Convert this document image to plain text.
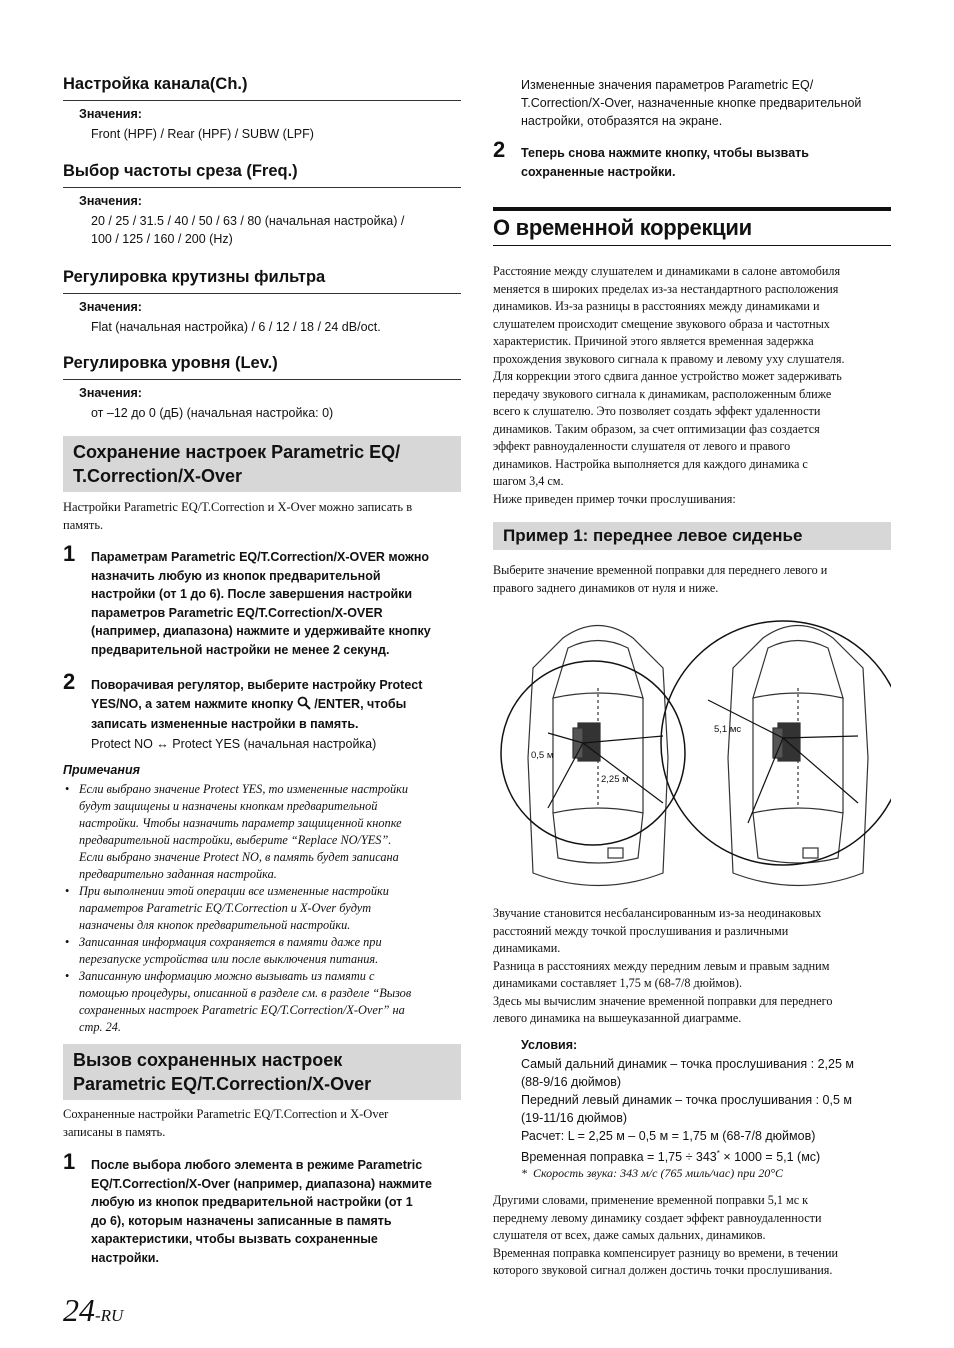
Настройка канала(Ch.)
Значения:
Front (HPF) / Rear (HPF) / SUBW (LPF)
Выбор частоты среза (Freq.)
Значения:
20 / 25 / 31.5 / 40 / 50 / 63 / 80 (начальная настройка) /
100 / 125 / 160 / 200 (Hz)
Регулировка крутизны фильтра
Значения:
Flat (начальная настройка) / 6 / 12 / 18 / 24 dB/oct.
Регулировка уровня (Lev.)
Значения:
от –12 до 0 (дБ) (начальная настройка: 0)
Сохранение настроек Parametric EQ/
T.Correction/X-Over
Настройки Parametric EQ/T.Correction и X-Over можно записать в
память.
1 Параметрам Parametric EQ/T.Correction/X-OVER можно
назначить любую из кнопок предварительной
настройки (от 1 до 6). После завершения настройки
параметров Parametric EQ/T.Correction/X-OVER
(например, диапазона) нажмите и удерживайте кнопку
предварительной настройки не менее 2 секунд.
2 Поворачивая регулятор, выберите настройку Protect
YES/NO, а затем нажмите кнопку /ENTER, чтобы
записать измененные настройки в память.
Protect NO ↔ Protect YES (начальная настройка)
Примечания
• Если выбрано значение Protect YES, то измененные настройки
будут защищены и назначены кнопкам предварительной
настройки. Чтобы назначить параметр защищенной кнопке
предварительной настройки, выберите “Replace NO/YES”.
Если выбрано значение Protect NO, в память будет записана
предварительно заданная настройка.
• При выполнении этой операции все измененные настройки
параметров Parametric EQ/T.Correction и X-Over будут
назначены для кнопок предварительной настройки.
• Записанная информация сохраняется в памяти даже при
перезапуске устройства или после выключения питания.
• Записанную информацию можно вызывать из памяти с
помощью процедуры, описанной в разделе см. в разделе “Вызов
сохраненных настроек Parametric EQ/T.Correction/X-Over” на
стр. 24.
Вызов сохраненных настроек
Parametric EQ/T.Correction/X-Over
Сохраненные настройки Parametric EQ/T.Correction и X-Over
записаны в память.
1 После выбора любого элемента в режиме Parametric
EQ/T.Correction/X-Over (например, диапазона) нажмите
любую из кнопок предварительной настройки (от 1
до 6), которым назначены записанные в память
характеристики, чтобы вызвать сохраненные
настройки.
24-RU
Измененные значения параметров Parametric EQ/
T.Correction/X-Over, назначенные кнопке предварительной
настройки, отобразятся на экране.
2 Теперь снова нажмите кнопку, чтобы вызвать
сохраненные настройки.
О временной коррекции
Расстояние между слушателем и динамиками в салоне автомобиля
меняется в широких пределах из-за нестандартного расположения
динамиков. Из-за разницы в расстояниях между динамиками и
слушателем происходит смещение звукового образа и частотных
характеристик. Причиной этого является временная задержка
прохождения звукового сигнала к правому и левому уху слушателя.
Для коррекции этого сдвига данное устройство может задерживать
передачу звукового сигнала к динамикам, расположенным ближе
всего к слушателю. Это позволяет создать эффект удаленности
динамиков. Таким образом, за счет оптимизации фаз создается
эффект равноудаленности слушателя от левого и правого
динамиков. Настройка выполняется для каждого динамика с
шагом 3,4 см.
Ниже приведен пример точки прослушивания:
Пример 1: переднее левое сиденье
Выберите значение временной поправки для переднего левого и
правого заднего динамиков от нуля и ниже.
0,5 м
2,25 м
5,1 мс
Звучание становится несбалансированным из-за неодинаковых
расстояний между точкой прослушивания и различными
динамиками.
Разница в расстояниях между передним левым и правым задним
динамиками составляет 1,75 м (68-7/8 дюймов).
Здесь мы вычислим значение временной поправки для переднего
левого динамика на вышеуказанной диаграмме.
Условия:
Самый дальний динамик – точка прослушивания : 2,25 м
(88-9/16 дюймов)
Передний левый динамик – точка прослушивания : 0,5 м
(19-11/16 дюймов)
Расчет: L = 2,25 м – 0,5 м = 1,75 м (68-7/8 дюймов)
Временная поправка = 1,75 ÷ 343* × 1000 = 5,1 (мс)
* Скорость звука: 343 м/с (765 миль/час) при 20°C
Другими словами, применение временной поправки 5,1 мс к
переднему левому динамику создает эффект равноудаленности
слушателя от всех, даже самых дальних, динамиков.
Временная поправка компенсирует разницу во времени, в течении
которого звуковой сигнал должен достичь точки прослушивания.
